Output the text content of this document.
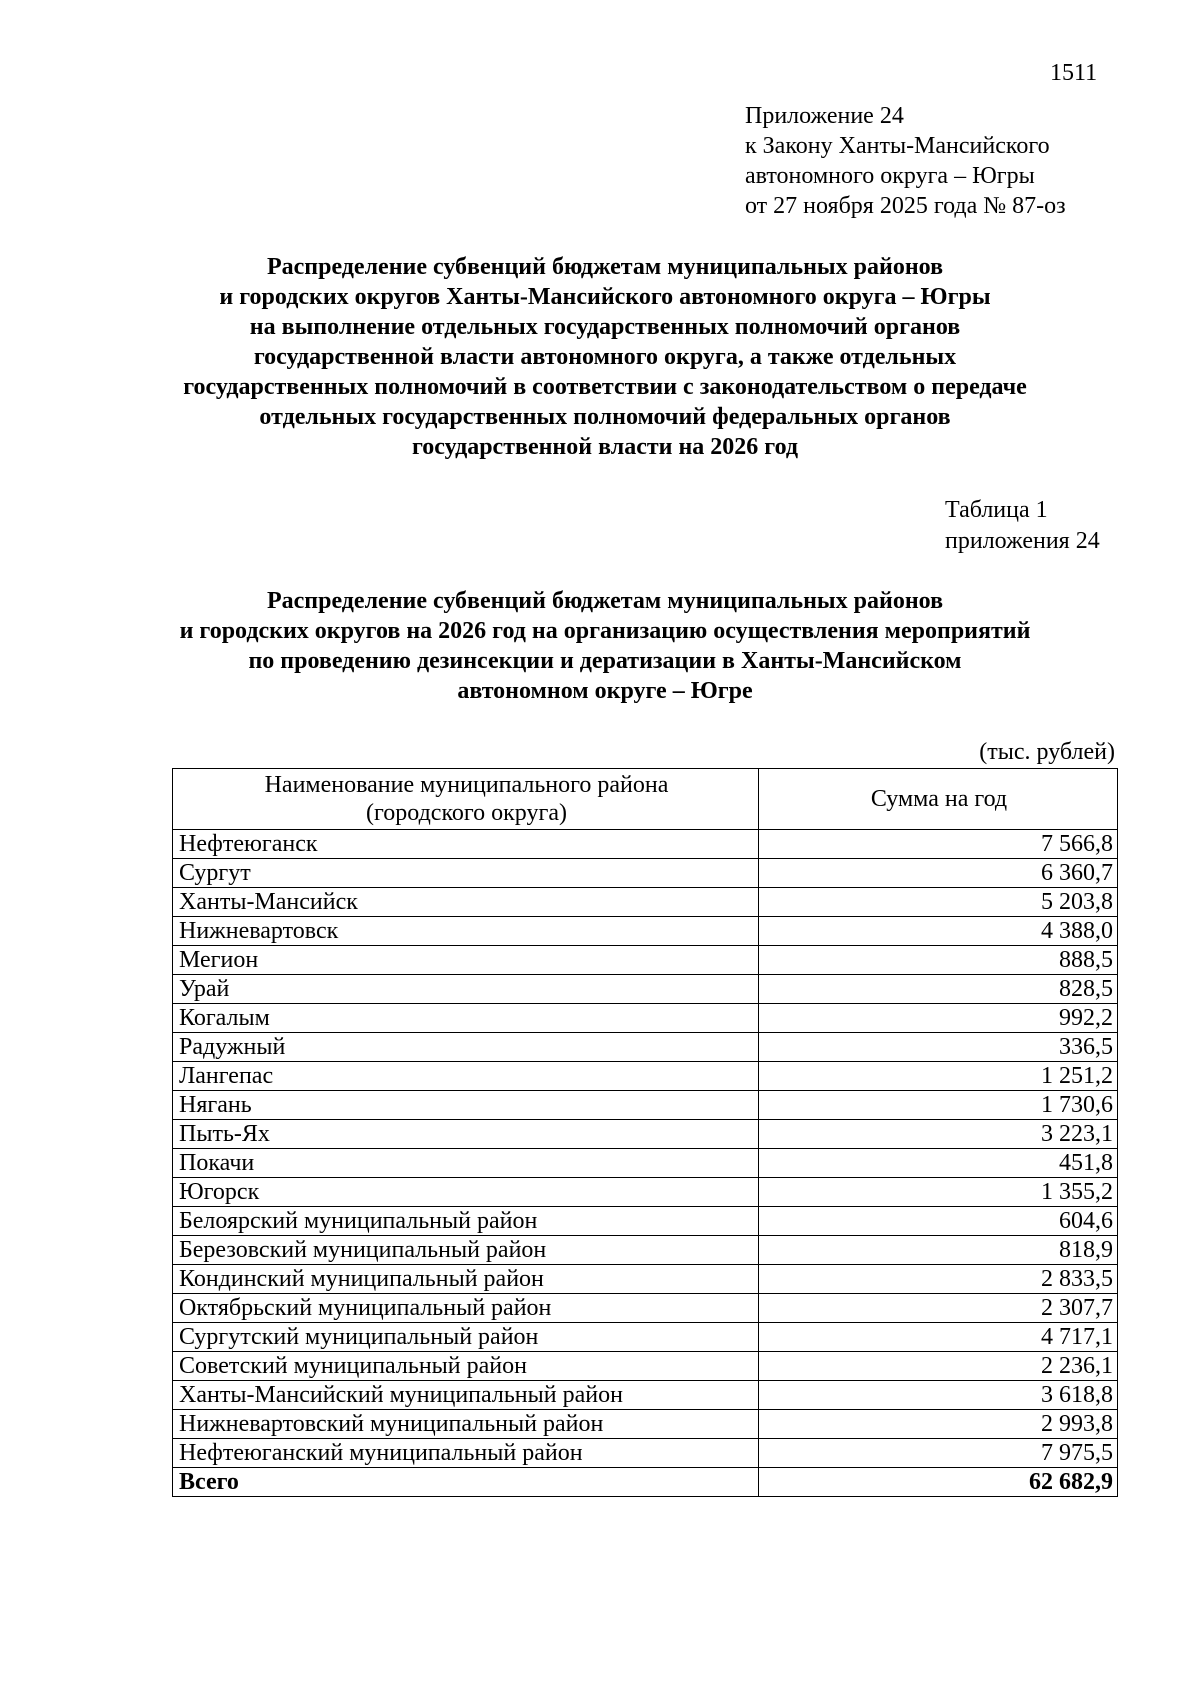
1511
Приложение 24
к Закону Ханты-Мансийского
автономного округа – Югры
от 27 ноября 2025 года № 87-оз
Распределение субвенций бюджетам муниципальных районов
и городских округов Ханты-Мансийского автономного округа – Югры
на выполнение отдельных государственных полномочий органов
государственной власти автономного округа, а также отдельных
государственных полномочий в соответствии с законодательством о передаче
отдельных государственных полномочий федеральных органов
государственной власти на 2026 год
Таблица 1
приложения 24
Распределение субвенций бюджетам муниципальных районов
и городских округов на 2026 год на организацию осуществления мероприятий
по проведению дезинсекции и дератизации в Ханты-Мансийском
автономном округе – Югре
(тыс. рублей)
Наименование муниципального района
(городского округа)	Сумма на год
Нефтеюганск	7 566,8
Сургут	6 360,7
Ханты-Мансийск	5 203,8
Нижневартовск	4 388,0
Мегион	888,5
Урай	828,5
Когалым	992,2
Радужный	336,5
Лангепас	1 251,2
Нягань	1 730,6
Пыть-Ях	3 223,1
Покачи	451,8
Югорск	1 355,2
Белоярский муниципальный район	604,6
Березовский муниципальный район	818,9
Кондинский муниципальный район	2 833,5
Октябрьский муниципальный район	2 307,7
Сургутский муниципальный район	4 717,1
Советский муниципальный район	2 236,1
Ханты-Мансийский муниципальный район	3 618,8
Нижневартовский муниципальный район	2 993,8
Нефтеюганский муниципальный район	7 975,5
Всего	62 682,9
